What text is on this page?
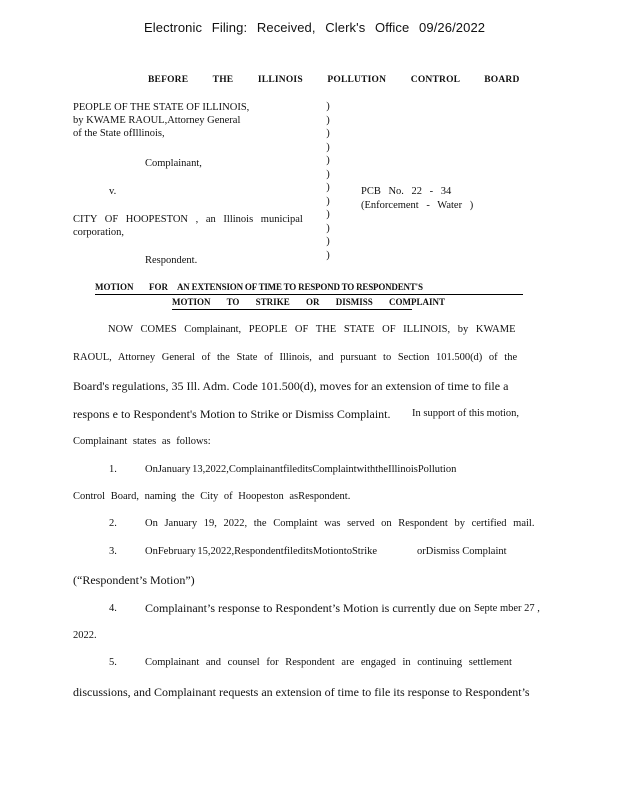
Electronic Filing: Received, Clerk's Office 09/26/2022
BEFORE THE ILLINOIS POLLUTION CONTROL BOARD
PEOPLE OF THE STATE OF ILLINOIS,
by KWAME RAOUL,Attorney General
of the State ofIllinois,
Complainant,
v.
CITY OF HOOPESTON , an Illinois municipal
corporation,
Respondent.
)
)
)
)
)
)
)
)
)
)
)
)
PCB No. 22 - 34
(Enforcement - Water )
MOTION FOR AN EXTENSION OF TIME TO RESPOND TO RESPONDENT'S
MOTION TO STRIKE OR DISMISS COMPLAINT
NOW COMES Complainant, PEOPLE OF THE STATE OF ILLINOIS, by KWAME
RAOUL, Attorney General of the State of Illinois, and pursuant to Section 101.500(d) of the
Board's regulations, 35 Ill. Adm. Code 101.500(d), moves for an extension of time to file a
respons e to Respondent's Motion to Strike or Dismiss Complaint. In support of this motion,
Complainant states as follows:
1.	OnJanuary 13,2022,ComplainantfileditsComplaintwiththeIllinoisPollution
Control Board, naming the City of Hoopeston asRespondent.
2.	On January 19, 2022, the Complaint was served on Respondent by certified mail.
3.	OnFebruary 15,2022,RespondentfileditsMotiontoStrike	orDismiss Complaint
(“Respondent’s Motion”)
4. Complainant’s response to Respondent’s Motion is currently due on Septe mber 27 ,
2022.
5.	Complainant and counsel for Respondent are engaged in continuing settlement
discussions, and Complainant requests an extension of time to file its response to Respondent’s
